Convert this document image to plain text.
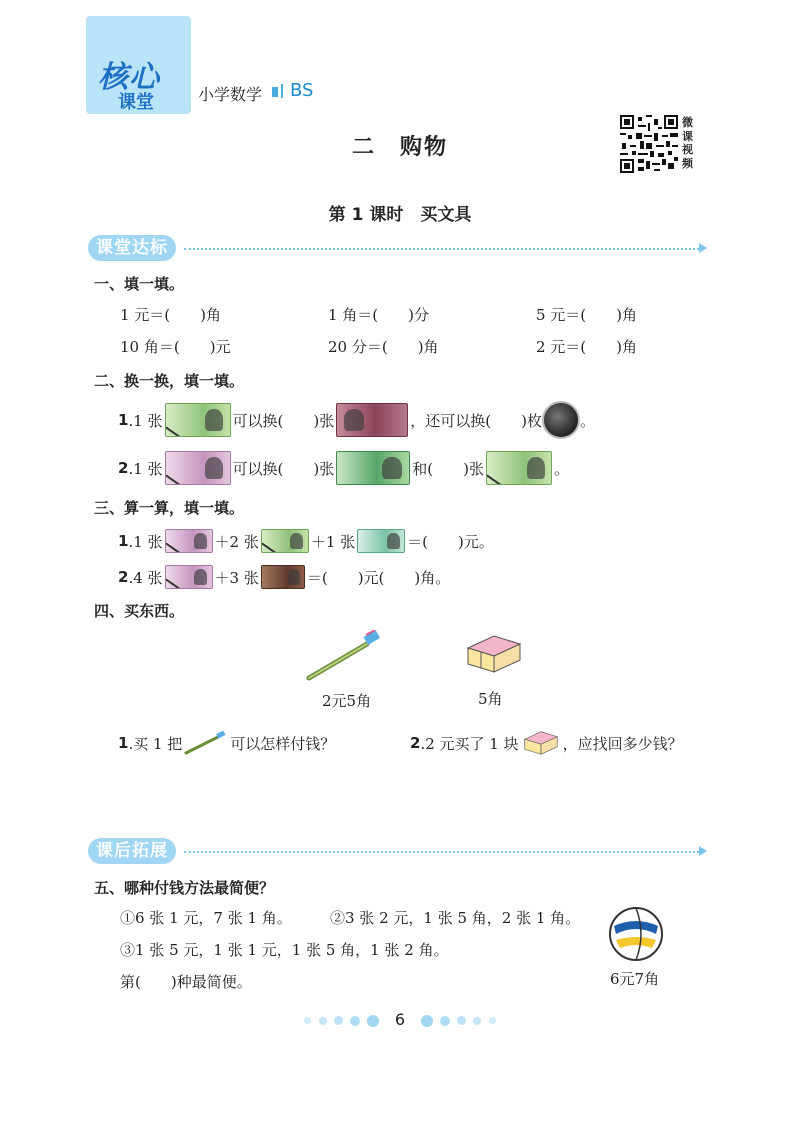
核心
课堂	小学数学 BS
二　购物
微课视频
第 1 课时　买文具
课堂达标
一、填一填。
1 元＝(　　)角	1 角＝(　　)分	5 元＝(　　)角
10 角＝(　　)元	20 分＝(　　)角	2 元＝(　　)角
二、换一换，填一填。
1 .1 张	可以换(　　)张	，还可以换(　　)枚	。
2 .1 张	可以换(　　)张	和(　　)张	。
三、算一算，填一填。
1 .1 张	＋2 张	＋1 张	＝(　　)元。
2 .4 张	＋3 张	＝(　　)元(　　)角。
四、买东西。
2元5角	5角
1 .买 1 把	可以怎样付钱？	2 .2 元买了 1 块	，应找回多少钱？
课后拓展
五、哪种付钱方法最简便？
①6 张 1 元，7 张 1 角。	②3 张 2 元，1 张 5 角，2 张 1 角。
③1 张 5 元，1 张 1 元，1 张 5 角，1 张 2 角。
第(　　)种最简便。	6元7角
6
